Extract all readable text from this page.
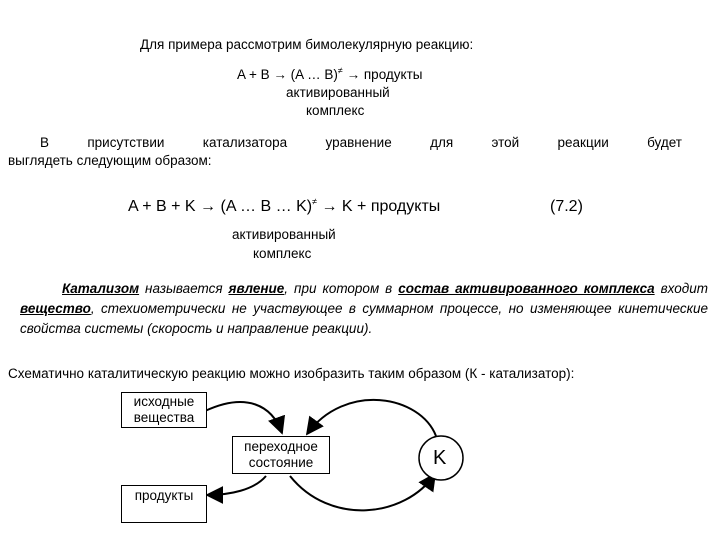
Для примера рассмотрим бимолекулярную реакцию:
A + B → (A … B)≠ → продукты
активированный
комплекс
В	присутствии	катализатора	уравнение	для	этой	реакции	будет
выглядеть следующим образом:
A + B + K → (A … B … K)≠ → K + продукты	(7.2)
активированный
комплекс
Катализом называется явление, при котором в состав активированного комплекса входит вещество, стехиометрически не участвующее в суммарном процессе, но изменяющее кинетические свойства системы (скорость и направление реакции).
Схематично каталитическую реакцию можно изобразить таким образом (К - катализатор):
исходные
вещества
переходное
состояние	K
продукты
